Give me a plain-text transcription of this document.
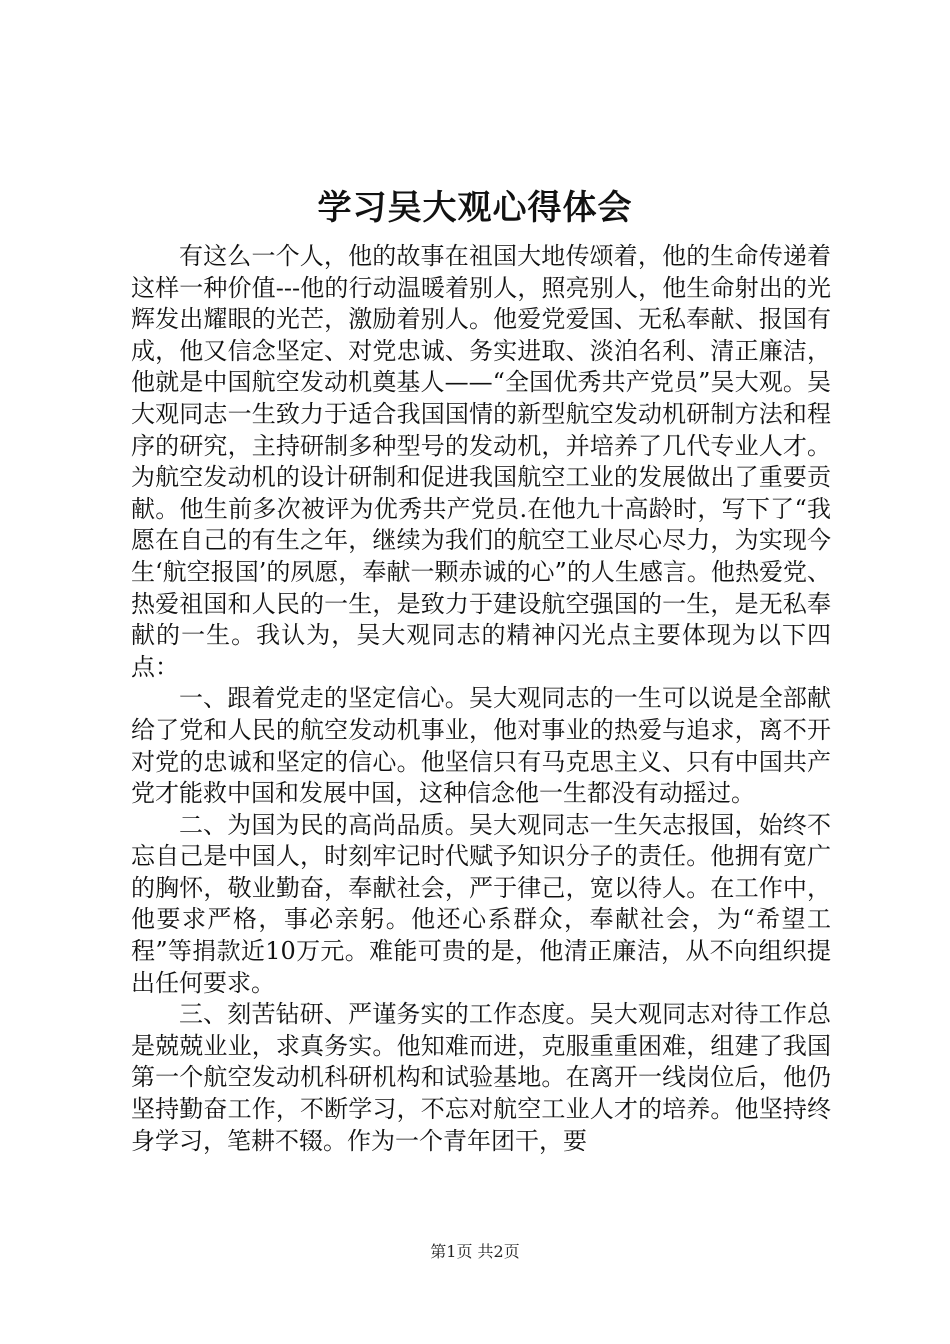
学习吴大观心得体会

有这么一个人，他的故事在祖国大地传颂着，他的生命传递着这样一种价值---他的行动温暖着别人，照亮别人，他生命射出的光辉发出耀眼的光芒，激励着别人。他爱党爱国、无私奉献、报国有成，他又信念坚定、对党忠诚、务实进取、淡泊名利、清正廉洁，他就是中国航空发动机奠基人——“全国优秀共产党员”吴大观。吴大观同志一生致力于适合我国国情的新型航空发动机研制方法和程序的研究，主持研制多种型号的发动机，并培养了几代专业人才。为航空发动机的设计研制和促进我国航空工业的发展做出了重要贡献。他生前多次被评为优秀共产党员.在他九十高龄时，写下了“我愿在自己的有生之年，继续为我们的航空工业尽心尽力，为实现今生‘航空报国’的夙愿，奉献一颗赤诚的心”的人生感言。他热爱党、热爱祖国和人民的一生，是致力于建设航空强国的一生，是无私奉献的一生。我认为，吴大观同志的精神闪光点主要体现为以下四点：

一、跟着党走的坚定信心。吴大观同志的一生可以说是全部献给了党和人民的航空发动机事业，他对事业的热爱与追求，离不开对党的忠诚和坚定的信心。他坚信只有马克思主义、只有中国共产党才能救中国和发展中国，这种信念他一生都没有动摇过。

二、为国为民的高尚品质。吴大观同志一生矢志报国，始终不忘自己是中国人，时刻牢记时代赋予知识分子的责任。他拥有宽广的胸怀，敬业勤奋，奉献社会，严于律己，宽以待人。在工作中，他要求严格，事必亲躬。他还心系群众，奉献社会，为“希望工程”等捐款近10万元。难能可贵的是，他清正廉洁，从不向组织提出任何要求。

三、刻苦钻研、严谨务实的工作态度。吴大观同志对待工作总是兢兢业业，求真务实。他知难而进，克服重重困难，组建了我国第一个航空发动机科研机构和试验基地。在离开一线岗位后，他仍坚持勤奋工作，不断学习，不忘对航空工业人才的培养。他坚持终身学习，笔耕不辍。作为一个青年团干，要

第1页 共2页
